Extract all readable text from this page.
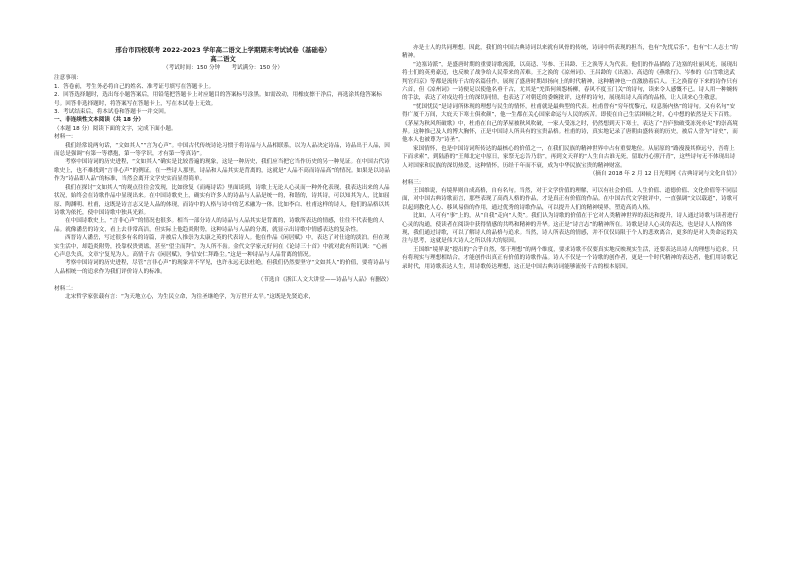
邢台市四校联考 2022-2023 学年高二语文上学期期末考试试卷（基础卷）
高二语文
（考试时间：150 分钟　　考试满分：150 分）

注意事项：

1．答卷前，考生务必将自己的姓名、准考证号填写在答题卡上。

2．回答选择题时，选出每小题答案后，用铅笔把答题卡上对应题目的答案标号涂黑。如需改动，用橡皮擦干净后，再选涂其他答案标号。回答非选择题时，将答案写在答题卡上，写在本试卷上无效。

3．考试结束后，将本试卷和答题卡一并交回。

一、非连续性文本阅读（共 18 分）

（本题 18 分）阅读下面的文字，完成下面小题。

材料一：

我们经常说两句话，“文如其人”“言为心声”。中国古代传统诗论习惯于将诗品与人品相联系，以为人品决定诗品，诗品出于人品，因而总是强调“有第一等襟抱，第一等学识，才有第一等真诗”。

考察中国诗词的历史进程，“文如其人”确实是比较普遍的现象，这是一种历史，我们应当把它当作历史的另一种见证。在中国古代诗歌史上，也不难找到“言非心声”的例证。在一些诗人那里，诗品和人品其实是背离的，这就是“人品不高而诗品高”的情况。如果是以诗品作为“诗品即人品”的标准，当然会离开文学史实而显得简单。

我们在探讨“文如其人”的观点往往会发现，比如徐复《而庵诗话》里面谈到，诗歌上无论人心灵而一种外化表现，我表达出来的人品状况，始终会在诗歌作品中显现出来。在中国诗歌史上，确实有许多人的诗品与人品是统一的，和谐的，诗其诗，可以知其为人，比如屈原、陶渊明、杜甫，这既是诗言志又是人品的体现，而诗中的人格与诗中的艺术融为一体。比如李白、杜甫这样的诗人，他们的品格以其诗歌为依托，使中国诗歌中独具光彩。

在中国诗歌史上，“言非心声”的情况也很多。相当一部分诗人的诗品与人品其实是背离的，诗歌所表达的情感，往往不代表他的人品。就像潘岳的诗文，看上去非常高洁，但实际上他趋炎附势，这种诗品与人品的分离，就显示出诗歌中情感表达的复杂性。

西晋诗人潘岳，写过很多有名的诗篇，并被后人推崇为太康之英的代表诗人。他在作品《闲居赋》中，表达了对仕途的淡泊。但在现实生活中，却趋炎附势，投靠权贵贾谧，甚至“望尘而拜”，为人所不齿。金代文学家元好问在《论诗三十首》中就对此有所讥讽：“心画心声总失真，文章宁复见为人。高情千古《闲居赋》，争信安仁拜路尘。”这是一种诗品与人品背离的情况。

考察中国诗词的历史进程，尽管“言非心声”的现象并不罕见，也许永远无法杜绝，但我们仍然要坚守“文如其人”的价值，要将诗品与人品相统一的追求作为我们评价诗人的标准。

（节选自《浙江人文大讲堂——诗品与人品》有删改）

材料二：

北宋哲学家张载有言：“为天地立心，为生民立命，为往圣继绝学，为万世开太平。”这既是先贤追求，

亦是士人的共同理想。因此，我们的中国古典诗词以来就有风骨的传统，诗词中所表现的担当，也有“先忧后乐”，也有“仁人志士”的精神。

“边塞诗派”，是盛唐时期的重要诗歌流派，以高适、岑参、王昌龄、王之涣等人为代表。他们的作品描绘了边塞的壮丽风光，展现出将士们的英勇豪迈，也反映了战争给人民带来的苦难。王之涣的《凉州词》、王昌龄的《出塞》、高适的《燕歌行》、岑参的《白雪歌送武判官归京》等都是流传千古的名篇佳作，展现了盛唐时期昂扬向上的时代精神，这种精神也一直激励着后人。王之涣留存下来的诗作只有六首，但《凉州词》一诗便足以使他名垂千古，尤其是“羌笛何须怨杨柳，春风不度玉门关”的诗句，读来令人感慨不已。诗人用一种婉转的手法，表达了对戍边将士的深切同情，也表达了对朝廷的委婉批评，这样的诗句，展现出诗人高尚的品格，让人读来心生敬意。

“忧国忧民”是诗词所体现的理想与民生的情怀，杜甫就是最典型的代表。杜甫曾有“穷年忧黎元，叹息肠内热”的诗句。又有名句“安得广厦千万间，大庇天下寒士俱欢颜”，他一生都在关心国家命运与人民的疾苦。即使在自己生活困顿之时，心中想的依然是天下百姓。《茅屋为秋风所破歌》中，杜甫在自己的茅屋被秋风吹破，一家人受冻之时，仍然想到天下寒士，表达了“吾庐独破受冻死亦足”的崇高境界。这种推己及人的博大胸怀，正是中国诗人所具有的宝贵品格。杜甫的诗，真实地记录了唐朝由盛转衰的历史，被后人誉为“诗史”，而他本人也被尊为“诗圣”。

家国情怀，也是中国诗词所传达的最核心的价值之一，在我们民族的精神世界中占有重要地位。从屈原的“路漫漫其修远兮，吾将上下而求索”，到陆游的“王师北定中原日，家祭无忘告乃翁”，再到文天祥的“人生自古谁无死，留取丹心照汗青”，这些诗句无不体现出诗人对国家和民族的深切热爱，这种情怀，历经千年而不衰，成为中华民族宝贵的精神财富。

（摘自 2018 年 2 月 12 日光明网《古典诗词与文化自信》）

材料三：

王国维说，有境界则自成高格，自有名句。当然，对于文学价值的理解，可以有社会价值、人生价值、道德价值、文化价值等不同层面，对中国古典诗歌而言，那些表现了高尚人格的作品，才是真正有价值的作品。在中国古代文学批评中，一直强调“文以载道”，诗歌可以起到教化人心、移风易俗的作用，通过优秀的诗歌作品，可以提升人们的精神境界，塑造高尚人格。

比如，人可有“事”上的，从“自我”走向“人类”。我们认为诗歌的价值在于它对人类精神世界的表达和提升，诗人通过诗歌与读者进行心灵的沟通，使读者在阅读中获得情感的共鸣和精神的升华。这正是“诗言志”的精神所在。诗歌是诗人心灵的表达，也是诗人人格的体现，我们通过诗歌，可以了解诗人的品格与追求。当然，诗人所表达的情感，并不仅仅局限于个人的悲欢离合，更多的是对人类命运的关注与思考，这就是伟大诗人之所以伟大的原因。

王国维“境界说”提出的“合乎自然，邻于理想”的两个维度，要求诗歌不仅要真实地反映现实生活，还要表达出诗人的理想与追求。只有将现实与理想相结合，才能创作出真正有价值的诗歌作品。诗人不仅是一个诗歌的创作者，更是一个时代精神的表达者，他们用诗歌记录时代，用诗歌表达人生，用诗歌传达理想，这正是中国古典诗词能够流传千古的根本原因。
